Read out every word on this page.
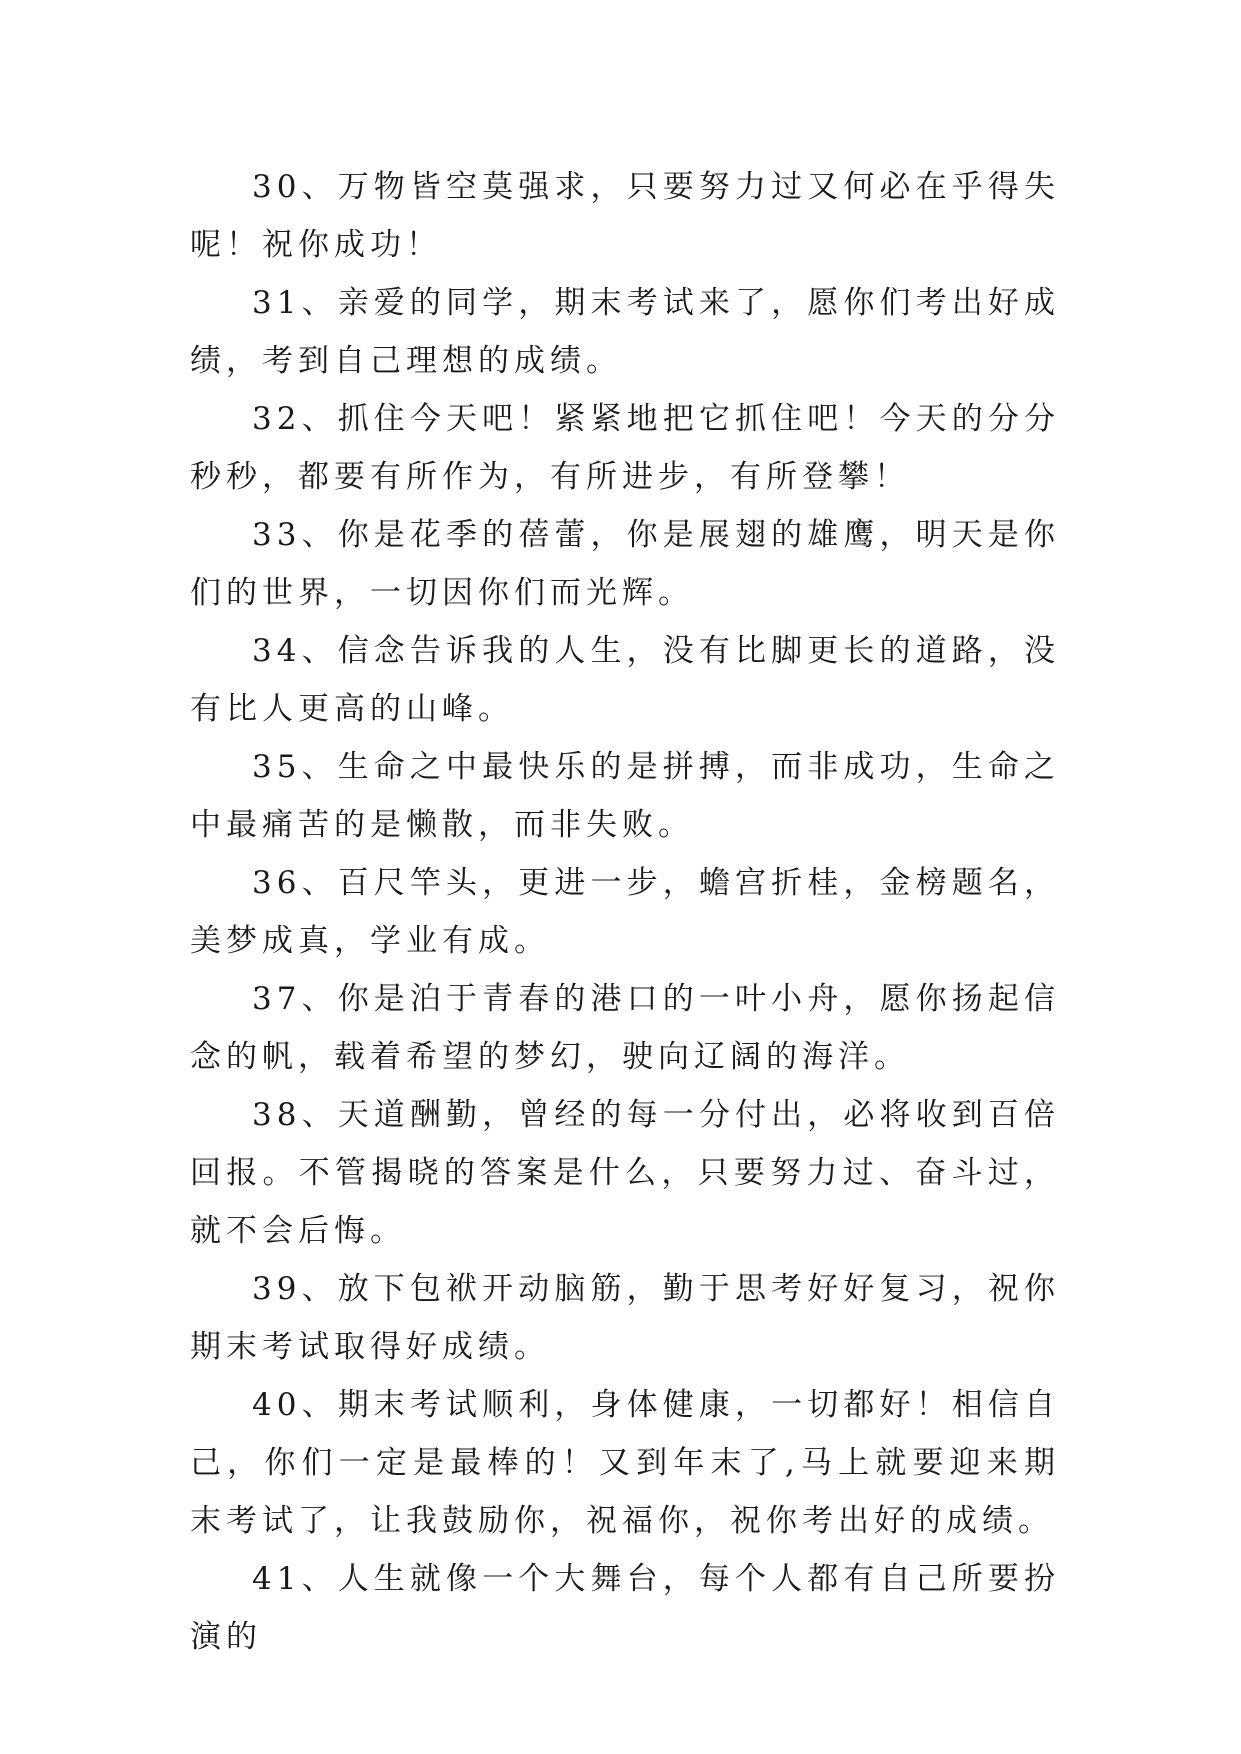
30、万物皆空莫强求，只要努力过又何必在乎得失呢！祝你成功！

31、亲爱的同学，期末考试来了，愿你们考出好成绩，考到自己理想的成绩。

32、抓住今天吧！紧紧地把它抓住吧！今天的分分秒秒，都要有所作为，有所进步，有所登攀！

33、你是花季的蓓蕾，你是展翅的雄鹰，明天是你们的世界，一切因你们而光辉。

34、信念告诉我的人生，没有比脚更长的道路，没有比人更高的山峰。

35、生命之中最快乐的是拼搏，而非成功，生命之中最痛苦的是懒散，而非失败。

36、百尺竿头，更进一步，蟾宫折桂，金榜题名，美梦成真，学业有成。

37、你是泊于青春的港口的一叶小舟，愿你扬起信念的帆，载着希望的梦幻，驶向辽阔的海洋。

38、天道酬勤，曾经的每一分付出，必将收到百倍回报。不管揭晓的答案是什么，只要努力过、奋斗过，就不会后悔。

39、放下包袱开动脑筋，勤于思考好好复习，祝你期末考试取得好成绩。

40、期末考试顺利，身体健康，一切都好！相信自己，你们一定是最棒的！又到年末了,马上就要迎来期末考试了，让我鼓励你，祝福你，祝你考出好的成绩。

41、人生就像一个大舞台，每个人都有自己所要扮演的
